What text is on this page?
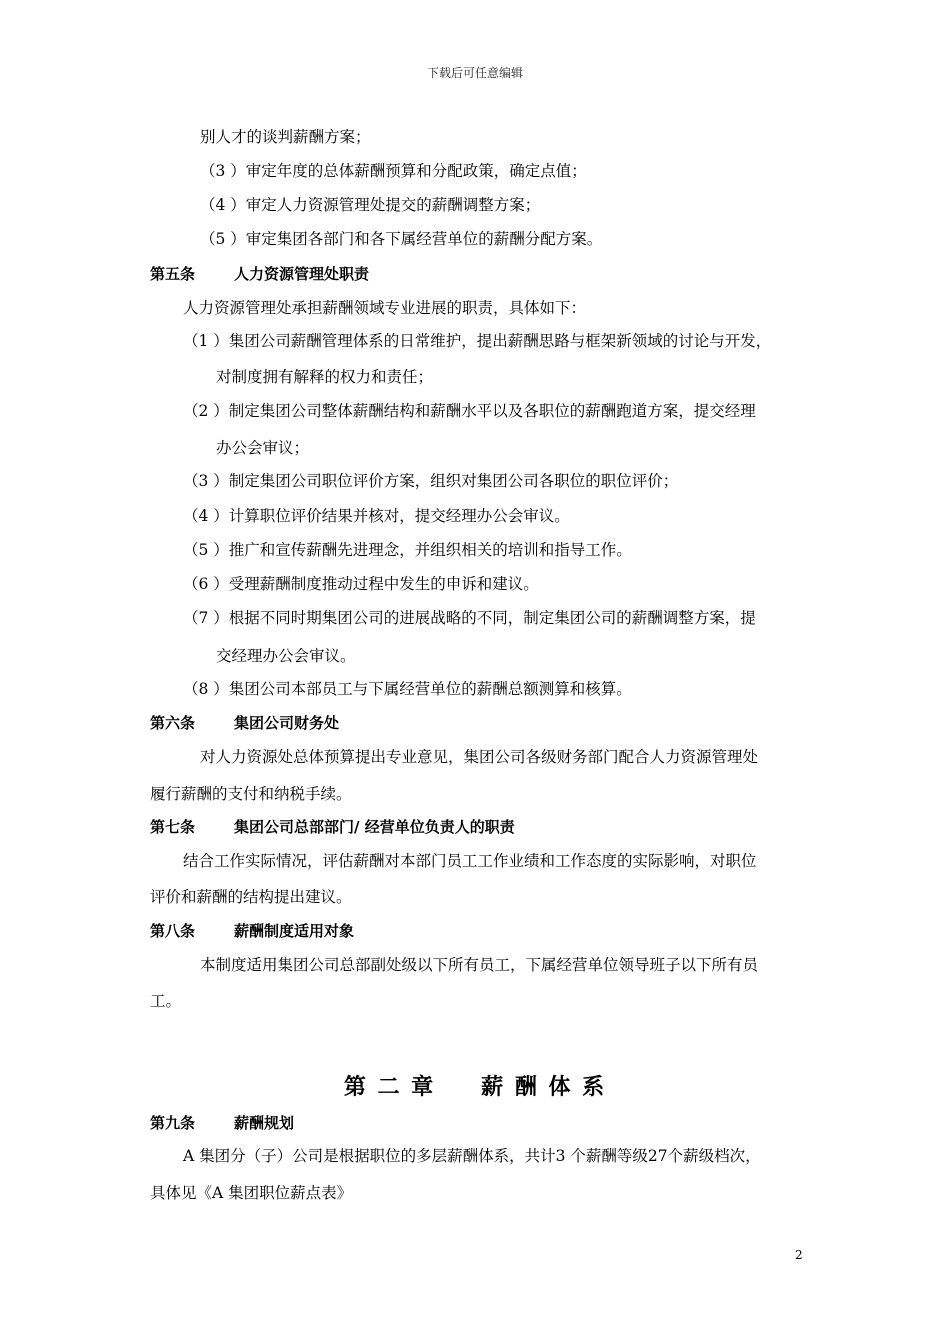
下载后可任意编辑
别人才的谈判薪酬方案；
（3 ）审定年度的总体薪酬预算和分配政策，确定点值；
（4 ）审定人力资源管理处提交的薪酬调整方案；
（5 ）审定集团各部门和各下属经营单位的薪酬分配方案。
第五条	人力资源管理处职责
人力资源管理处承担薪酬领域专业进展的职责，具体如下：
（1 ）集团公司薪酬管理体系的日常维护，提出薪酬思路与框架新领域的讨论与开发，
对制度拥有解释的权力和责任；
（2 ）制定集团公司整体薪酬结构和薪酬水平以及各职位的薪酬跑道方案，提交经理
办公会审议；
（3 ）制定集团公司职位评价方案，组织对集团公司各职位的职位评价；
（4 ）计算职位评价结果并核对，提交经理办公会审议。
（5 ）推广和宣传薪酬先进理念，并组织相关的培训和指导工作。
（6 ）受理薪酬制度推动过程中发生的申诉和建议。
（7 ）根据不同时期集团公司的进展战略的不同，制定集团公司的薪酬调整方案，提
交经理办公会审议。
（8 ）集团公司本部员工与下属经营单位的薪酬总额测算和核算。
第六条	集团公司财务处
对人力资源处总体预算提出专业意见，集团公司各级财务部门配合人力资源管理处
履行薪酬的支付和纳税手续。
第七条	集团公司总部部门/ 经营单位负责人的职责
结合工作实际情况，评估薪酬对本部门员工工作业绩和工作态度的实际影响，对职位
评价和薪酬的结构提出建议。
第八条	薪酬制度适用对象
本制度适用集团公司总部副处级以下所有员工，下属经营单位领导班子以下所有员
工。
第 二 章 薪 酬 体 系
第九条	薪酬规划
A 集团分（子）公司是根据职位的多层薪酬体系，共计3 个薪酬等级27个薪级档次，
具体见《A 集团职位薪点表》
2
